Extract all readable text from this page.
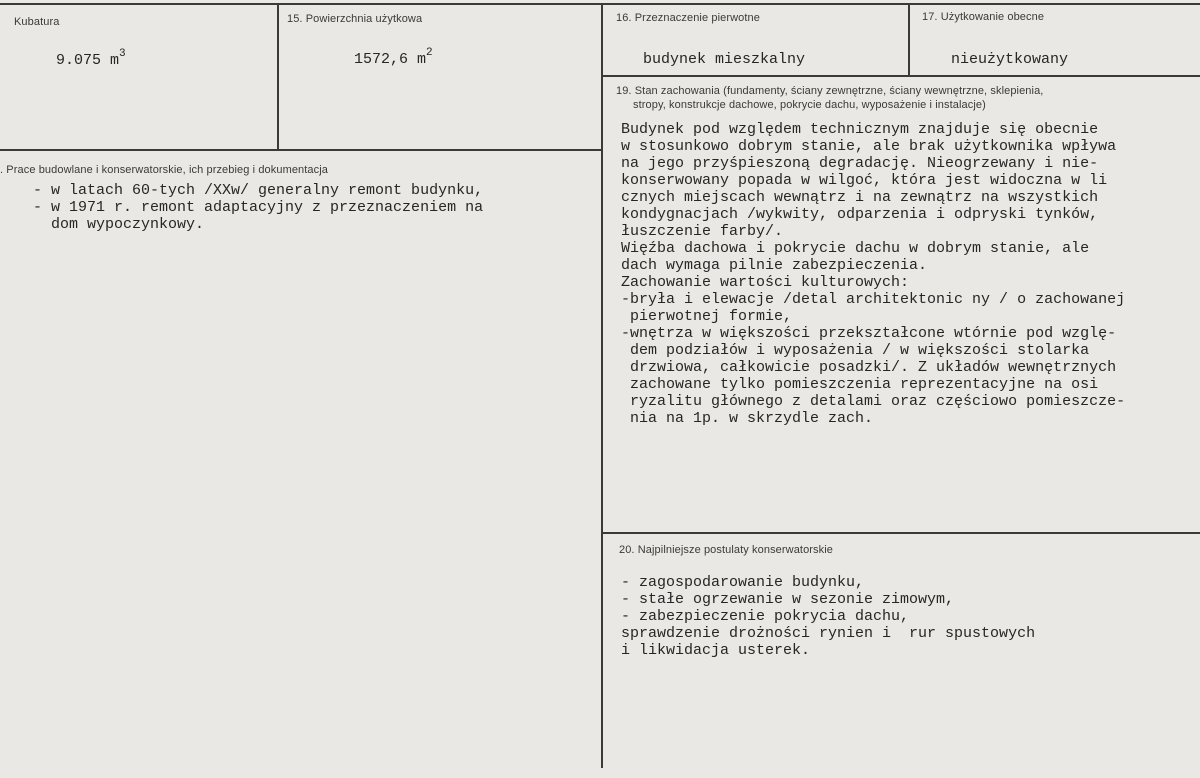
Kubatura
9.075 $m^3$
15. Powierzchnia użytkowa
1572,6 $m^2$
16. Przeznaczenie pierwotne
budynek mieszkalny
17. Użytkowanie obecne
nieużytkowany
19. Stan zachowania (fundamenty, ściany zewnętrzne, ściany wewnętrzne, sklepienia,
stropy, konstrukcje dachowe, pokrycie dachu, wyposażenie i instalacje)
Budynek pod względem technicznym znajduje się obecnie
w stosunkowo dobrym stanie, ale brak użytkownika wpływa
na jego przyśpieszoną degradację. Nieogrzewany i nie-
konserwowany popada w wilgoć, która jest widoczna w li
cznych miejscach wewnątrz i na zewnątrz na wszystkich
kondygnacjach /wykwity, odparzenia i odpryski tynków,
łuszczenie farby/.
Więźba dachowa i pokrycie dachu w dobrym stanie, ale
dach wymaga pilnie zabezpieczenia.
Zachowanie wartości kulturowych:
-bryła i elewacje /detal architektonic ny / o zachowanej
pierwotnej formie,
-wnętrza w większości przekształcone wtórnie pod wzglę-
dem podziałów i wyposażenia / w większości stolarka
drzwiowa, całkowicie posadzki/. Z układów wewnętrznych
zachowane tylko pomieszczenia reprezentacyjne na osi
ryzalitu głównego z detalami oraz częściowo pomieszcze-
nia na 1p. w skrzydle zach.
. Prace budowlane i konserwatorskie, ich przebieg i dokumentacja
- w latach 60-tych /XXw/ generalny remont budynku,
- w 1971 r. remont adaptacyjny z przeznaczeniem na
dom wypoczynkowy.
20. Najpilniejsze postulaty konserwatorskie
- zagospodarowanie budynku,
- stałe ogrzewanie w sezonie zimowym,
- zabezpieczenie pokrycia dachu,
sprawdzenie drożności rynien i  rur spustowych
i likwidacja usterek.
